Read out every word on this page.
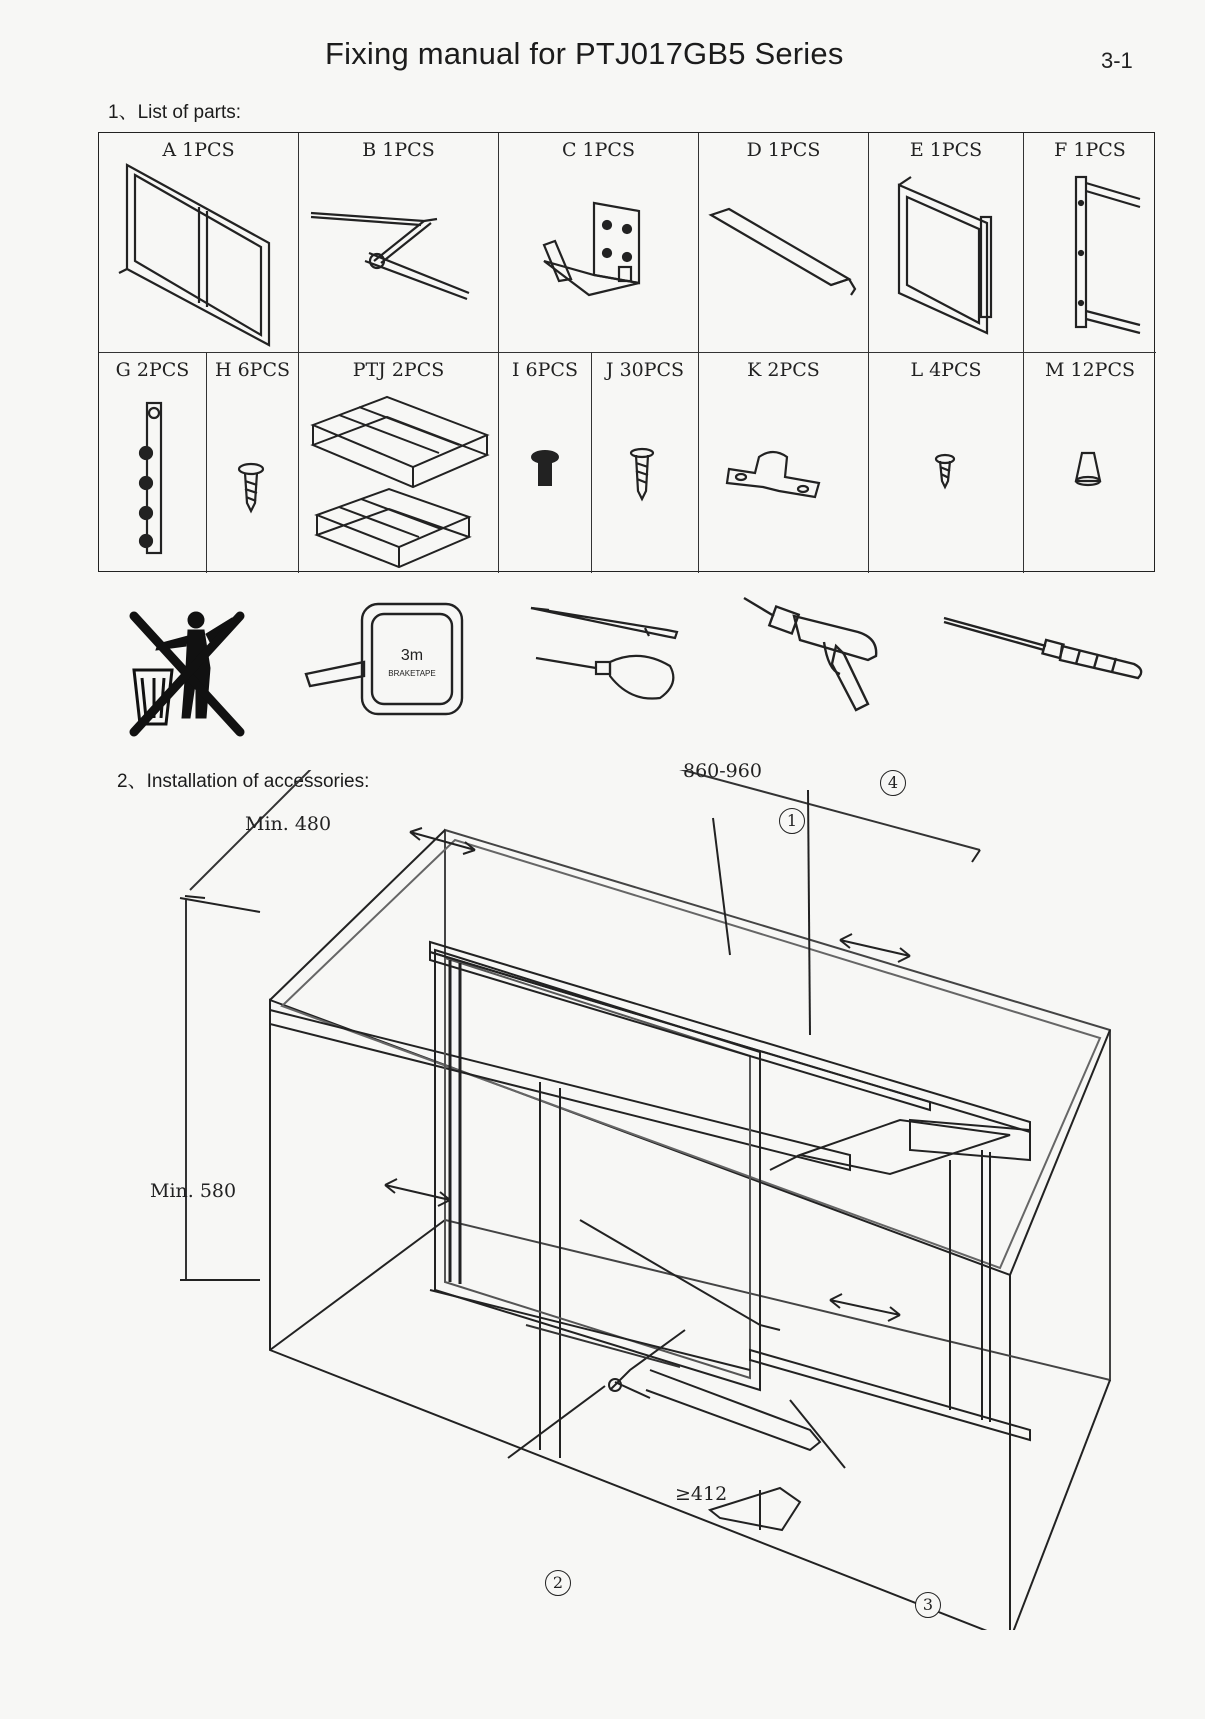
Fixing manual for PTJ017GB5 Series	3-1
1、List of parts:
A 1PCS	B 1PCS	C 1PCS	D 1PCS	E 1PCS	F 1PCS
G 2PCS	H 6PCS	PTJ 2PCS	I 6PCS	J 30PCS	K 2PCS	L 4PCS	M 12PCS
3m
BRAKETAPE
2、Installation of accessories:	860-960
Min. 480
Min. 580
≥412
1
2
3
4
